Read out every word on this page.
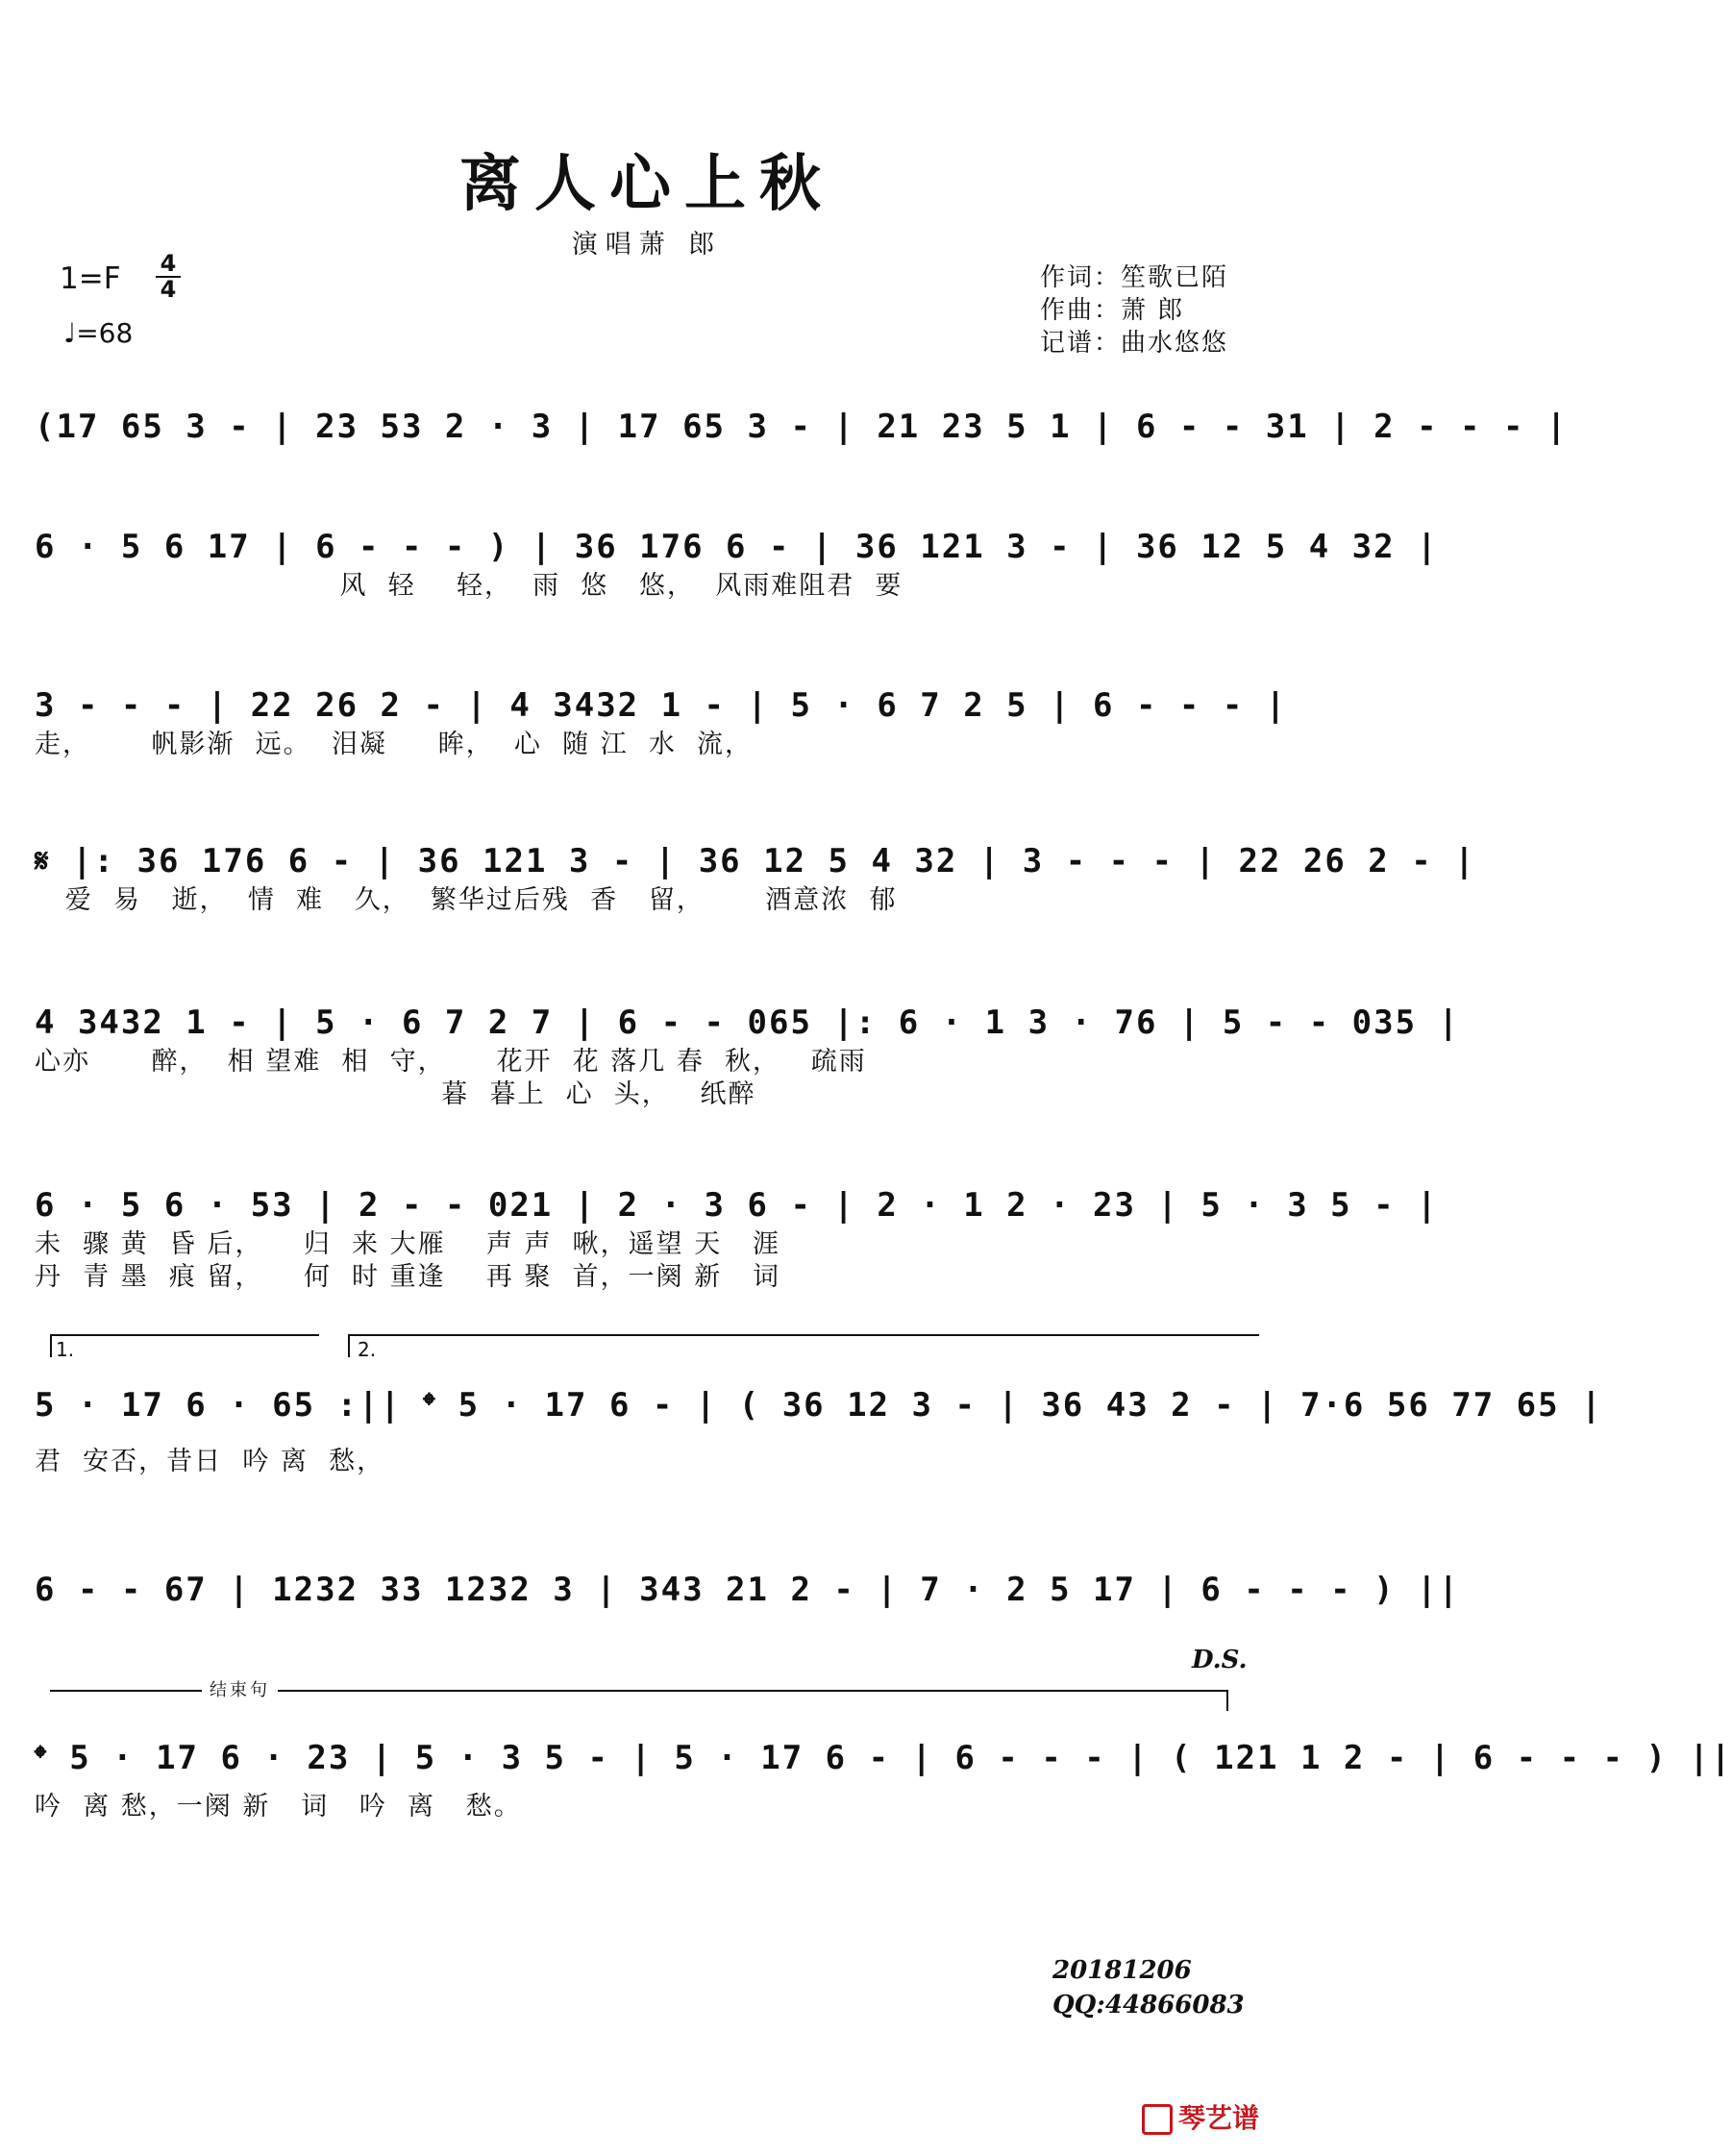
离人心上秋
演唱萧 郎
1=F 4
4
♩=68
作词：笙歌已陌
作曲：萧 郎
记谱：曲水悠悠
(17 65 3 - | 23 53 2 · 3 | 17 65 3 - | 21 23 5 1 | 6 - - 31 | 2 - - - |
6 · 5 6 17 | 6 - - - ) | 36 176 6 - | 36 121 3 - | 36 12 5 4 32 |
风  轻    轻，  雨  悠   悠，  风雨难阻君  要
3 - - - | 22 26 2 - | 4 3432 1 - | 5 · 6 7 2 5 | 6 - - - |
走，      帆影渐  远。  泪凝     眸，  心  随 江  水  流，
𝄋 |: 36 176 6 - | 36 121 3 - | 36 12 5 4 32 | 3 - - - | 22 26 2 - |
爱  易   逝，  情  难   久，  繁华过后残  香   留，      酒意浓  郁
4 3432 1 - | 5 · 6 7 2 7 | 6 - - 065 |: 6 · 1 3 · 76 | 5 - - 035 |
心亦      醉，  相 望难  相  守，     花开  花 落几 春  秋，   疏雨
暮  暮上  心  头，   纸醉
6 · 5 6 · 53 | 2 - - 021 | 2 · 3 6 - | 2 · 1 2 · 23 | 5 · 3 5 - |
未  骤 黄  昏 后，    归  来 大雁    声 声  啾，遥望 天   涯
丹  青 墨  痕 留，    何  时 重逢    再 聚  首，一阕 新   词
1.	2.
5 · 17 6 · 65 :|| 𝄌 5 · 17 6 - | ( 36 12 3 - | 36 43 2 - | 7·6 56 77 65 |
君  安否，昔日  吟 离  愁，
6 - - 67 | 1232 33 1232 3 | 343 21 2 - | 7 · 2 5 17 | 6 - - - ) ||
D.S.
结束句
𝄌 5 · 17 6 · 23 | 5 · 3 5 - | 5 · 17 6 - | 6 - - - | ( 121 1 2 - | 6 - - - ) ||
吟  离 愁，一阕 新   词   吟  离   愁。
20181206
QQ:44866083
琴艺谱
